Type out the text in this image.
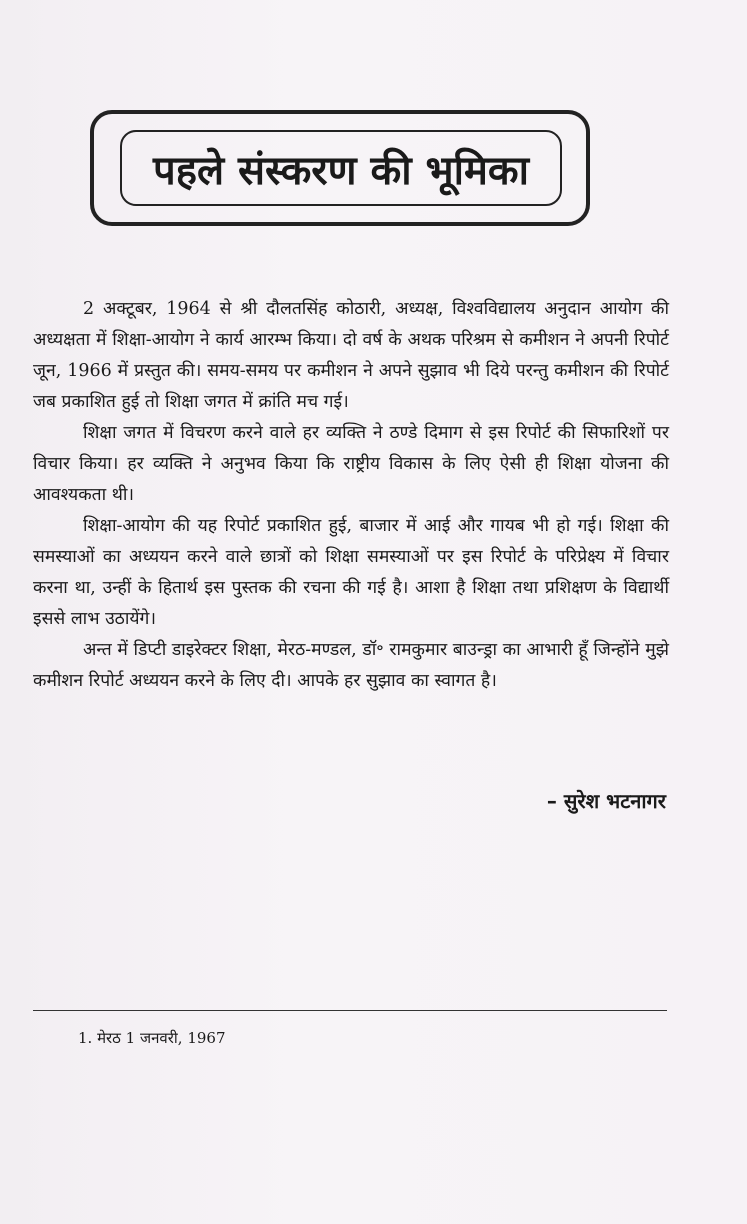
पहले संस्करण की भूमिका

2 अक्टूबर, 1964 से श्री दौलतसिंह कोठारी, अध्यक्ष, विश्वविद्यालय अनुदान आयोग की अध्यक्षता में शिक्षा-आयोग ने कार्य आरम्भ किया। दो वर्ष के अथक परिश्रम से कमीशन ने अपनी रिपोर्ट जून, 1966 में प्रस्तुत की। समय-समय पर कमीशन ने अपने सुझाव भी दिये परन्तु कमीशन की रिपोर्ट जब प्रकाशित हुई तो शिक्षा जगत में क्रांति मच गई।

शिक्षा जगत में विचरण करने वाले हर व्यक्ति ने ठण्डे दिमाग से इस रिपोर्ट की सिफारिशों पर विचार किया। हर व्यक्ति ने अनुभव किया कि राष्ट्रीय विकास के लिए ऐसी ही शिक्षा योजना की आवश्यकता थी।

शिक्षा-आयोग की यह रिपोर्ट प्रकाशित हुई, बाजार में आई और गायब भी हो गई। शिक्षा की समस्याओं का अध्ययन करने वाले छात्रों को शिक्षा समस्याओं पर इस रिपोर्ट के परिप्रेक्ष्य में विचार करना था, उन्हीं के हितार्थ इस पुस्तक की रचना की गई है। आशा है शिक्षा तथा प्रशिक्षण के विद्यार्थी इससे लाभ उठायेंगे।

अन्त में डिप्टी डाइरेक्टर शिक्षा, मेरठ-मण्डल, डॉ॰ रामकुमार बाउन्ड्रा का आभारी हूँ जिन्होंने मुझे कमीशन रिपोर्ट अध्ययन करने के लिए दी। आपके हर सुझाव का स्वागत है।

– सुरेश भटनागर
1. मेरठ 1 जनवरी, 1967
